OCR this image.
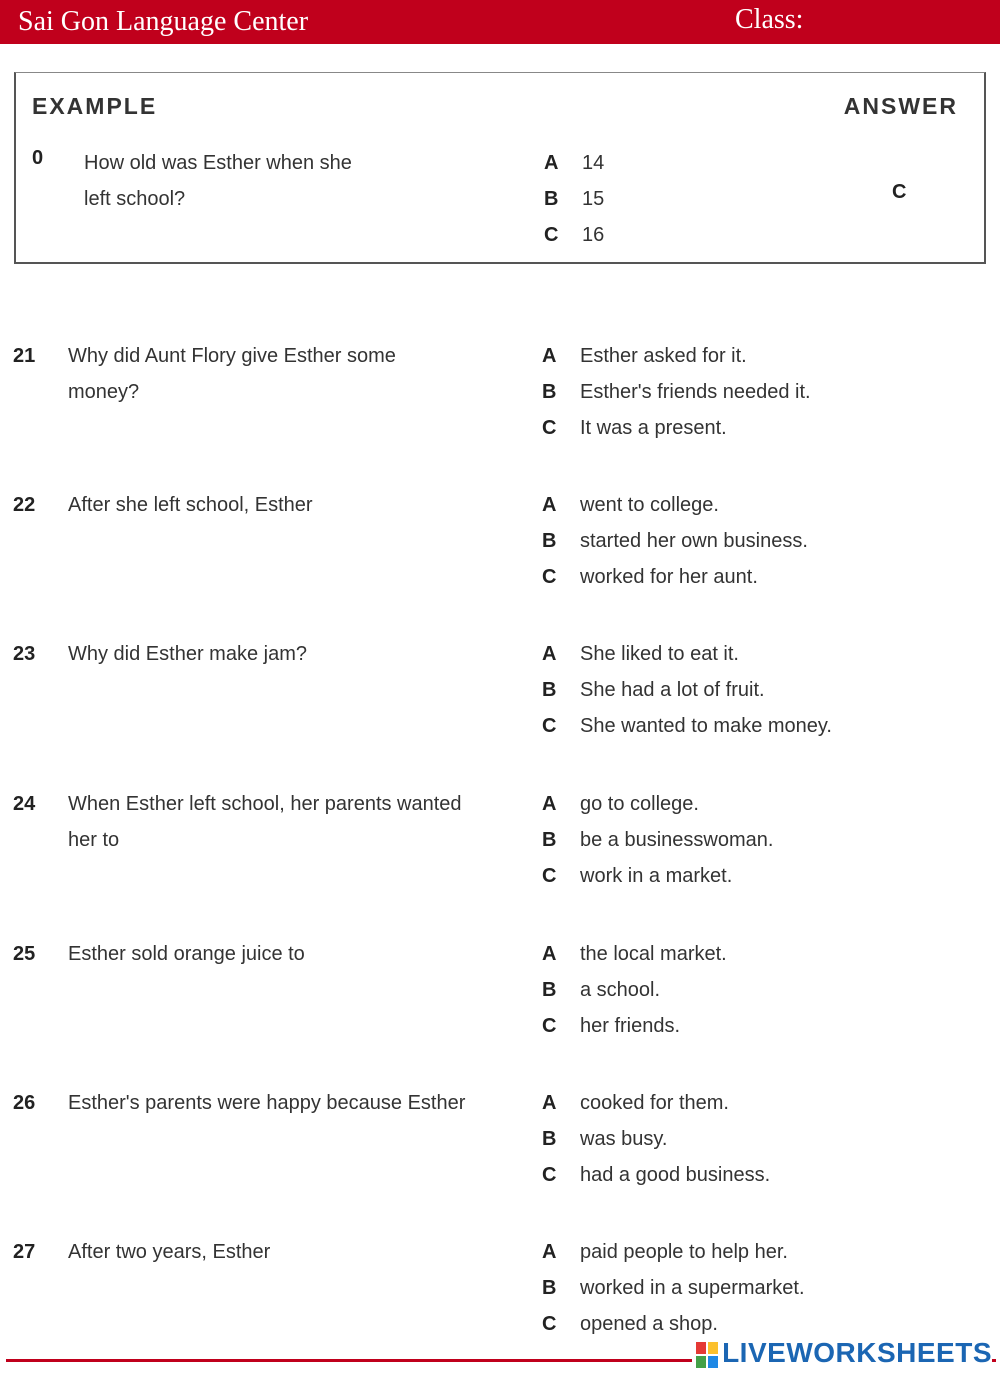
Sai Gon Language Center	Class:
EXAMPLE	ANSWER
0 How old was Esther when she left school?
A 14
B 15
C 16
C
21 Why did Aunt Flory give Esther some money?
A Esther asked for it.
B Esther's friends needed it.
C It was a present.
22 After she left school, Esther	A went to college.
B started her own business.
C worked for her aunt.
23 Why did Esther make jam?	A She liked to eat it.
B She had a lot of fruit.
C She wanted to make money.
24 When Esther left school, her parents wanted her to
A go to college.
B be a businesswoman.
C work in a market.
25 Esther sold orange juice to	A the local market.
B a school.
C her friends.
26 Esther's parents were happy because Esther	A cooked for them.
B was busy.
C had a good business.
27 After two years, Esther	A paid people to help her.
B worked in a supermarket.
C opened a shop.
LIVEWORKSHEETS
